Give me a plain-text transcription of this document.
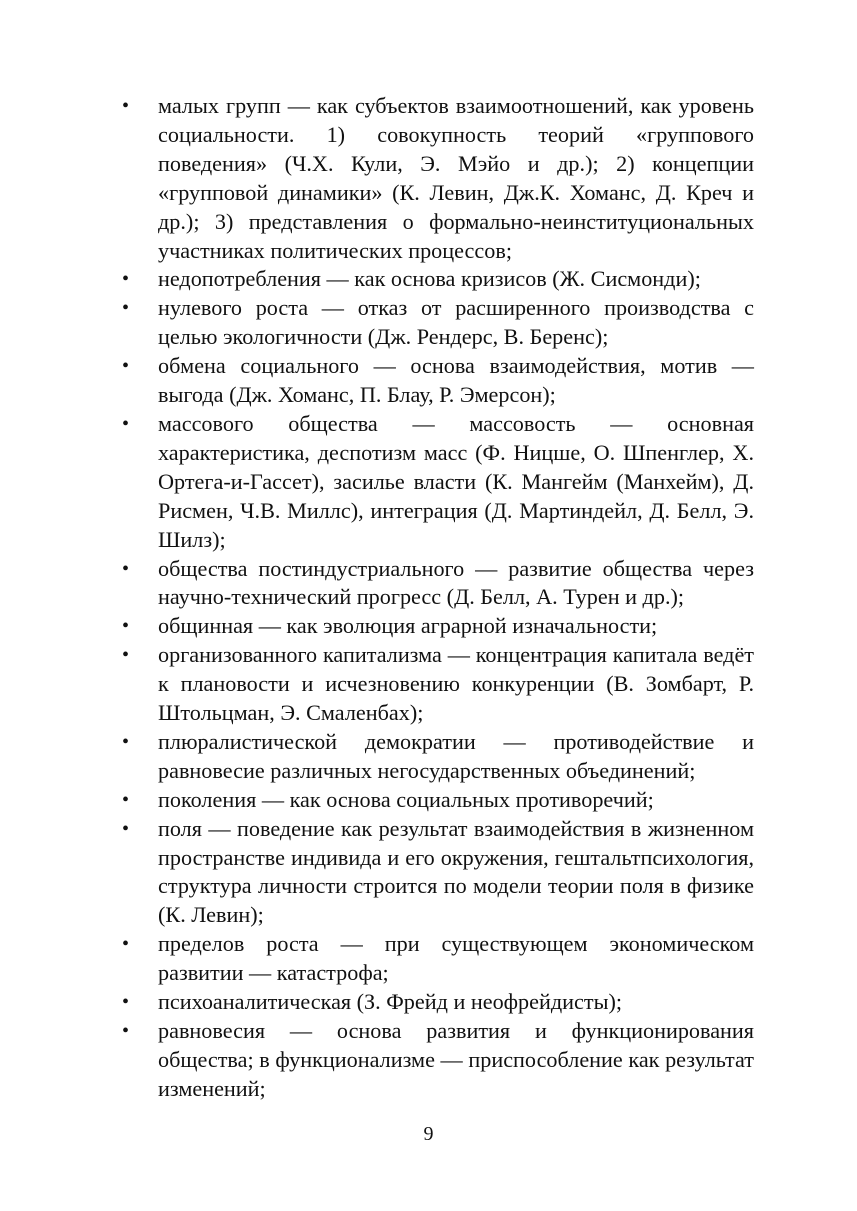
• малых групп — как субъектов взаимоотношений, как уровень социальности. 1) совокупность теорий «группового поведения» (Ч.Х. Кули, Э. Мэйо и др.); 2) концепции «групповой динамики» (К. Левин, Дж.К. Хоманс, Д. Креч и др.); 3) представления о формально-неинституциональных участниках политических процессов;
• недопотребления — как основа кризисов (Ж. Сисмонди);
• нулевого роста — отказ от расширенного производства с целью экологичности (Дж. Рендерс, В. Беренс);
• обмена социального — основа взаимодействия, мотив — выгода (Дж. Хоманс, П. Блау, Р. Эмерсон);
• массового общества — массовость — основная характеристика, деспотизм масс (Ф. Ницше, О. Шпенглер, Х. Ортега-и-Гассет), засилье власти (К. Мангейм (Манхейм), Д. Рисмен, Ч.В. Миллс), интеграция (Д. Мартиндейл, Д. Белл, Э. Шилз);
• общества постиндустриального — развитие общества через научно-технический прогресс (Д. Белл, А. Турен и др.);
• общинная — как эволюция аграрной изначальности;
• организованного капитализма — концентрация капитала ведёт к плановости и исчезновению конкуренции (В. Зомбарт, Р. Штольцман, Э. Смаленбах);
• плюралистической демократии — противодействие и равновесие различных негосударственных объединений;
• поколения — как основа социальных противоречий;
• поля — поведение как результат взаимодействия в жизненном пространстве индивида и его окружения, гештальтпсихология, структура личности строится по модели теории поля в физике (К. Левин);
• пределов роста — при существующем экономическом развитии — катастрофа;
• психоаналитическая (З. Фрейд и неофрейдисты);
• равновесия — основа развития и функционирования общества; в функционализме — приспособление как результат изменений;
9
